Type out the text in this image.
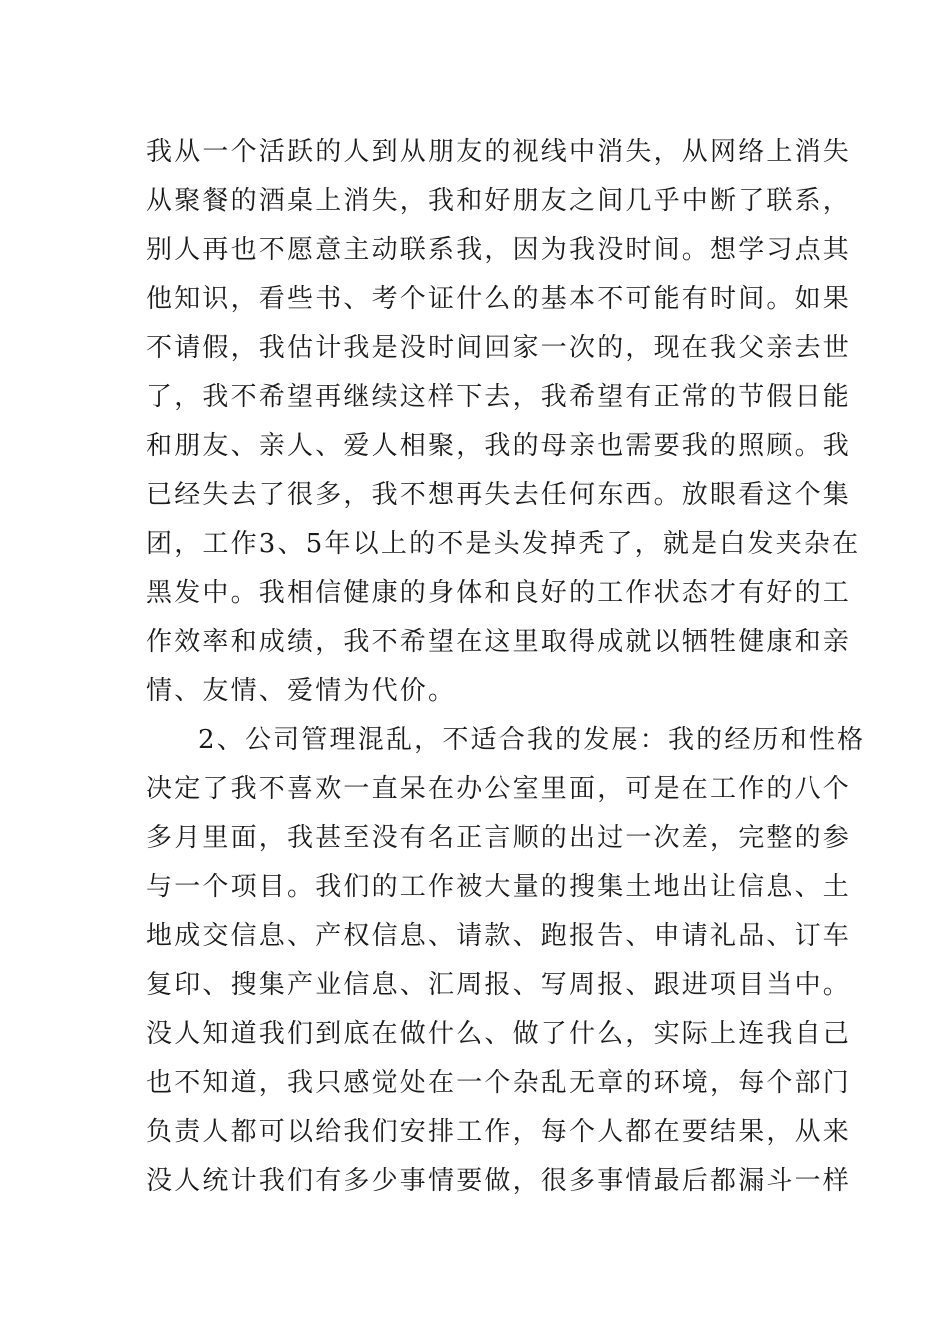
我从一个活跃的人到从朋友的视线中消失，从网络上消失
从聚餐的酒桌上消失，我和好朋友之间几乎中断了联系，
别人再也不愿意主动联系我，因为我没时间。想学习点其
他知识，看些书、考个证什么的基本不可能有时间。如果
不请假，我估计我是没时间回家一次的，现在我父亲去世
了，我不希望再继续这样下去，我希望有正常的节假日能
和朋友、亲人、爱人相聚，我的母亲也需要我的照顾。我
已经失去了很多，我不想再失去任何东西。放眼看这个集
团，工作3、5年以上的不是头发掉秃了，就是白发夹杂在
黑发中。我相信健康的身体和良好的工作状态才有好的工
作效率和成绩，我不希望在这里取得成就以牺牲健康和亲
情、友情、爱情为代价。
2、公司管理混乱，不适合我的发展：我的经历和性格
决定了我不喜欢一直呆在办公室里面，可是在工作的八个
多月里面，我甚至没有名正言顺的出过一次差，完整的参
与一个项目。我们的工作被大量的搜集土地出让信息、土
地成交信息、产权信息、请款、跑报告、申请礼品、订车
复印、搜集产业信息、汇周报、写周报、跟进项目当中。
没人知道我们到底在做什么、做了什么，实际上连我自己
也不知道，我只感觉处在一个杂乱无章的环境，每个部门
负责人都可以给我们安排工作，每个人都在要结果，从来
没人统计我们有多少事情要做，很多事情最后都漏斗一样
